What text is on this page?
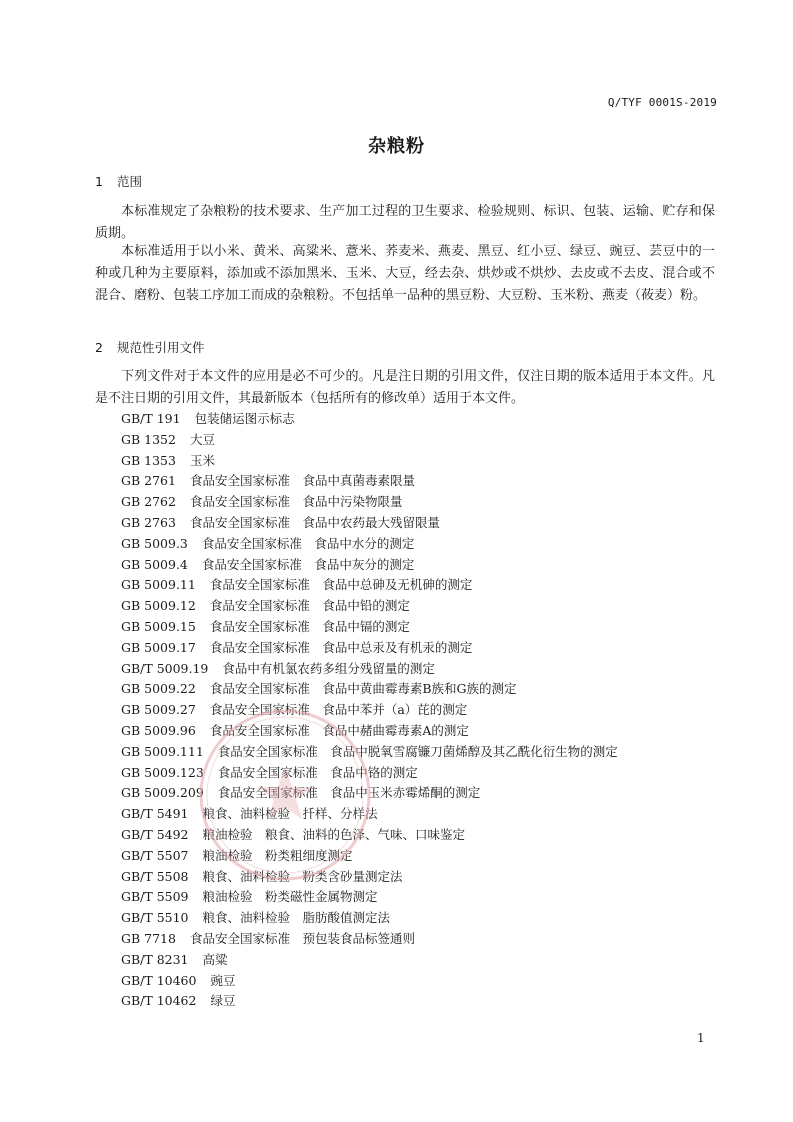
Q/TYF 0001S-2019
杂粮粉
1 范围
本标准规定了杂粮粉的技术要求、生产加工过程的卫生要求、检验规则、标识、包装、运输、贮存和保质期。
本标准适用于以小米、黄米、高粱米、薏米、荞麦米、燕麦、黑豆、红小豆、绿豆、豌豆、芸豆中的一种或几种为主要原料，添加或不添加黑米、玉米、大豆，经去杂、烘炒或不烘炒、去皮或不去皮、混合或不混合、磨粉、包装工序加工而成的杂粮粉。不包括单一品种的黑豆粉、大豆粉、玉米粉、燕麦（莜麦）粉。
2 规范性引用文件
下列文件对于本文件的应用是必不可少的。凡是注日期的引用文件，仅注日期的版本适用于本文件。凡是不注日期的引用文件，其最新版本（包括所有的修改单）适用于本文件。
GB/T 191 包装储运图示标志
GB 1352 大豆
GB 1353 玉米
GB 2761 食品安全国家标准　食品中真菌毒素限量
GB 2762 食品安全国家标准　食品中污染物限量
GB 2763 食品安全国家标准　食品中农药最大残留限量
GB 5009.3 食品安全国家标准　食品中水分的测定
GB 5009.4 食品安全国家标准　食品中灰分的测定
GB 5009.11 食品安全国家标准　食品中总砷及无机砷的测定
GB 5009.12 食品安全国家标准　食品中铅的测定
GB 5009.15 食品安全国家标准　食品中镉的测定
GB 5009.17 食品安全国家标准　食品中总汞及有机汞的测定
GB/T 5009.19 食品中有机氯农药多组分残留量的测定
GB 5009.22 食品安全国家标准　食品中黄曲霉毒素B族和G族的测定
GB 5009.27 食品安全国家标准　食品中苯并（a）芘的测定
GB 5009.96 食品安全国家标准　食品中赭曲霉毒素A的测定
GB 5009.111 食品安全国家标准　食品中脱氧雪腐镰刀菌烯醇及其乙酰化衍生物的测定
GB 5009.123 食品安全国家标准　食品中铬的测定
GB 5009.209 食品安全国家标准　食品中玉米赤霉烯酮的测定
GB/T 5491 粮食、油料检验　扦样、分样法
GB/T 5492 粮油检验　粮食、油料的色泽、气味、口味鉴定
GB/T 5507 粮油检验　粉类粗细度测定
GB/T 5508 粮食、油料检验　粉类含砂量测定法
GB/T 5509 粮油检验　粉类磁性金属物测定
GB/T 5510 粮食、油料检验　脂肪酸值测定法
GB 7718 食品安全国家标准　预包装食品标签通则
GB/T 8231 高粱
GB/T 10460 豌豆
GB/T 10462 绿豆
1
